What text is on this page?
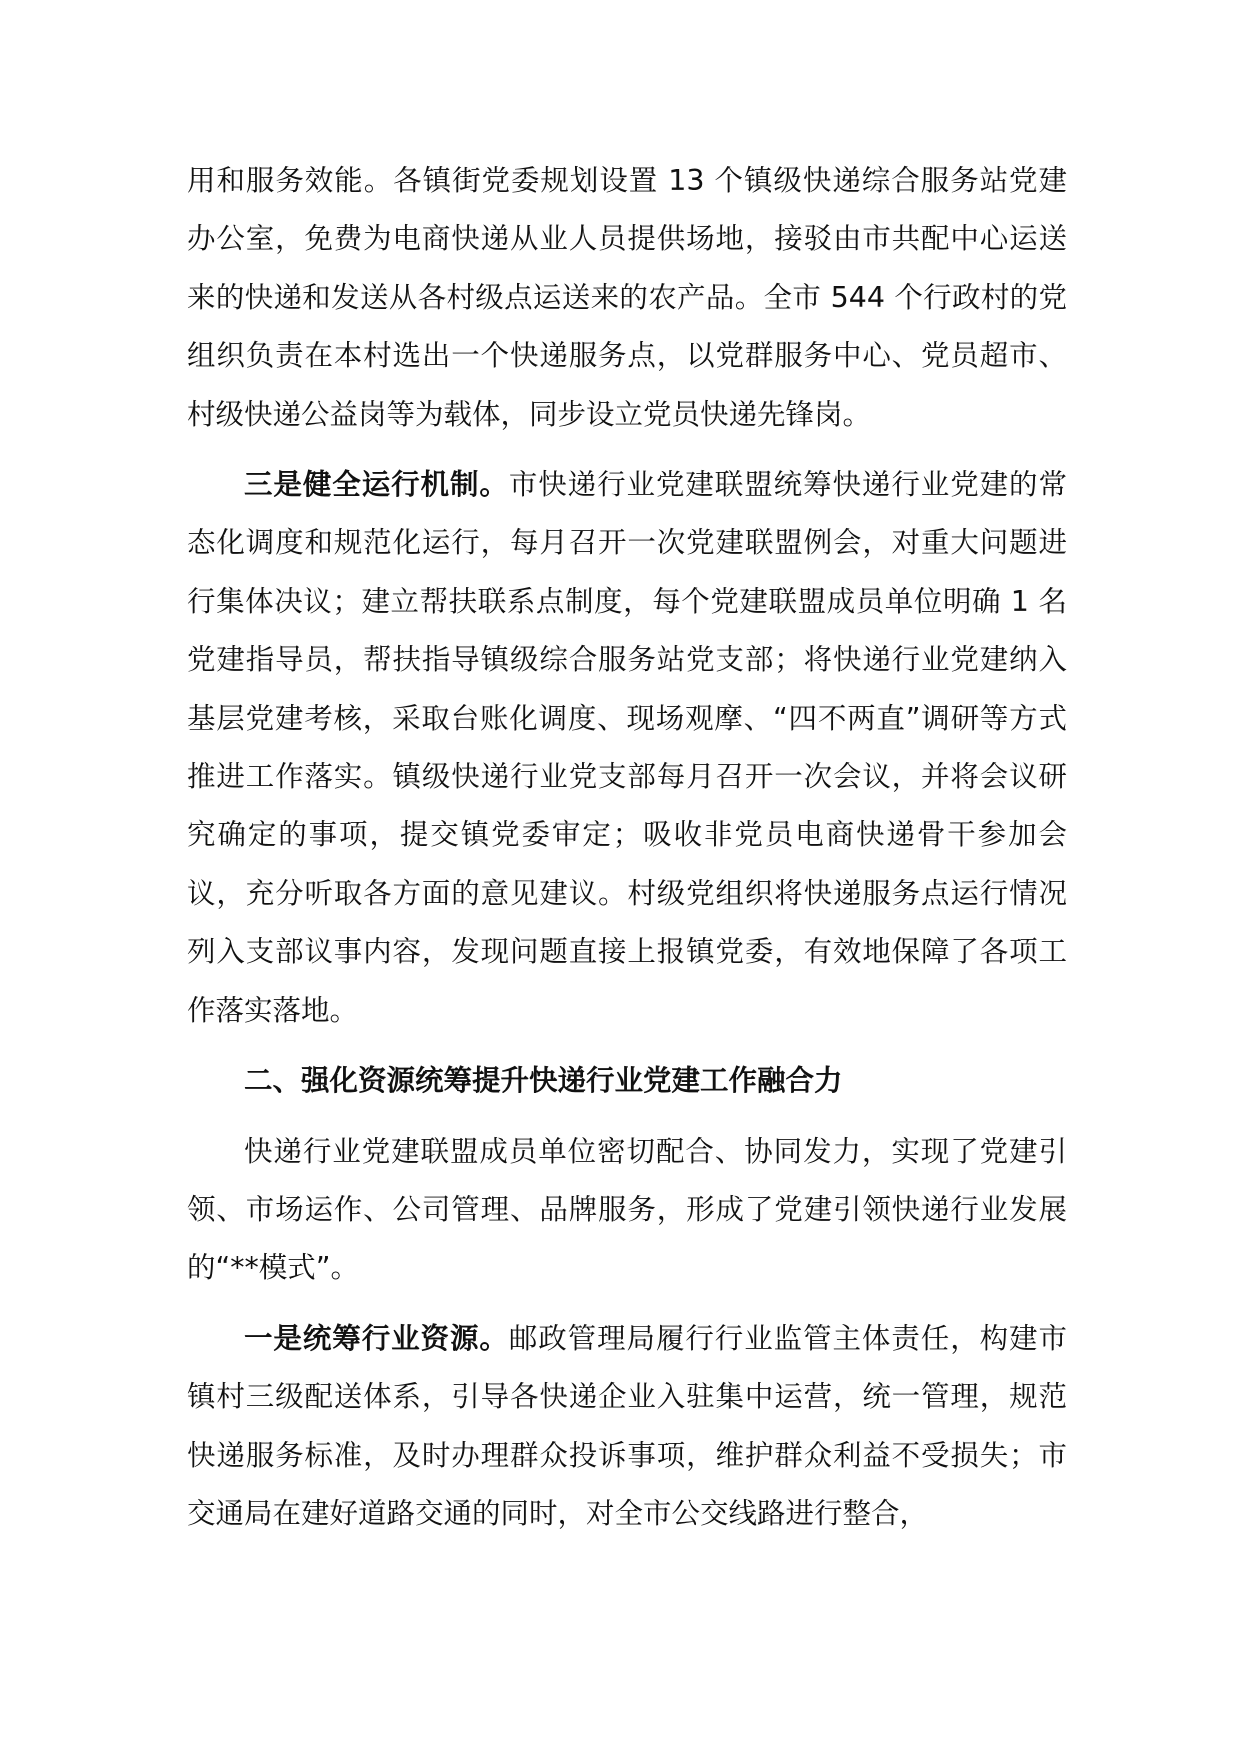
用和服务效能。各镇街党委规划设置 13 个镇级快递综合服务站党建办公室，免费为电商快递从业人员提供场地，接驳由市共配中心运送来的快递和发送从各村级点运送来的农产品。全市 544 个行政村的党组织负责在本村选出一个快递服务点，以党群服务中心、党员超市、村级快递公益岗等为载体，同步设立党员快递先锋岗。

三是健全运行机制。市快递行业党建联盟统筹快递行业党建的常态化调度和规范化运行，每月召开一次党建联盟例会，对重大问题进行集体决议；建立帮扶联系点制度，每个党建联盟成员单位明确 1 名党建指导员，帮扶指导镇级综合服务站党支部；将快递行业党建纳入基层党建考核，采取台账化调度、现场观摩、“四不两直”调研等方式推进工作落实。镇级快递行业党支部每月召开一次会议，并将会议研究确定的事项，提交镇党委审定；吸收非党员电商快递骨干参加会议，充分听取各方面的意见建议。村级党组织将快递服务点运行情况列入支部议事内容，发现问题直接上报镇党委，有效地保障了各项工作落实落地。

二、强化资源统筹提升快递行业党建工作融合力

快递行业党建联盟成员单位密切配合、协同发力，实现了党建引领、市场运作、公司管理、品牌服务，形成了党建引领快递行业发展的“**模式”。

一是统筹行业资源。邮政管理局履行行业监管主体责任，构建市镇村三级配送体系，引导各快递企业入驻集中运营，统一管理，规范快递服务标准，及时办理群众投诉事项，维护群众利益不受损失；市交通局在建好道路交通的同时，对全市公交线路进行整合，
